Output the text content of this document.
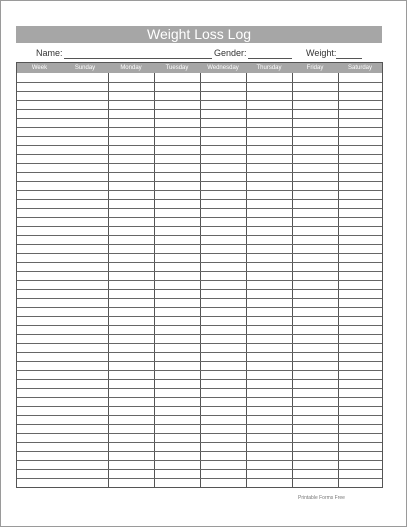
Weight Loss Log
Name:	Gender:	Weight:
Week	Sunday	Monday	Tuesday	Wednesday	Thursday	Friday	Saturday
Printable Forms Free
